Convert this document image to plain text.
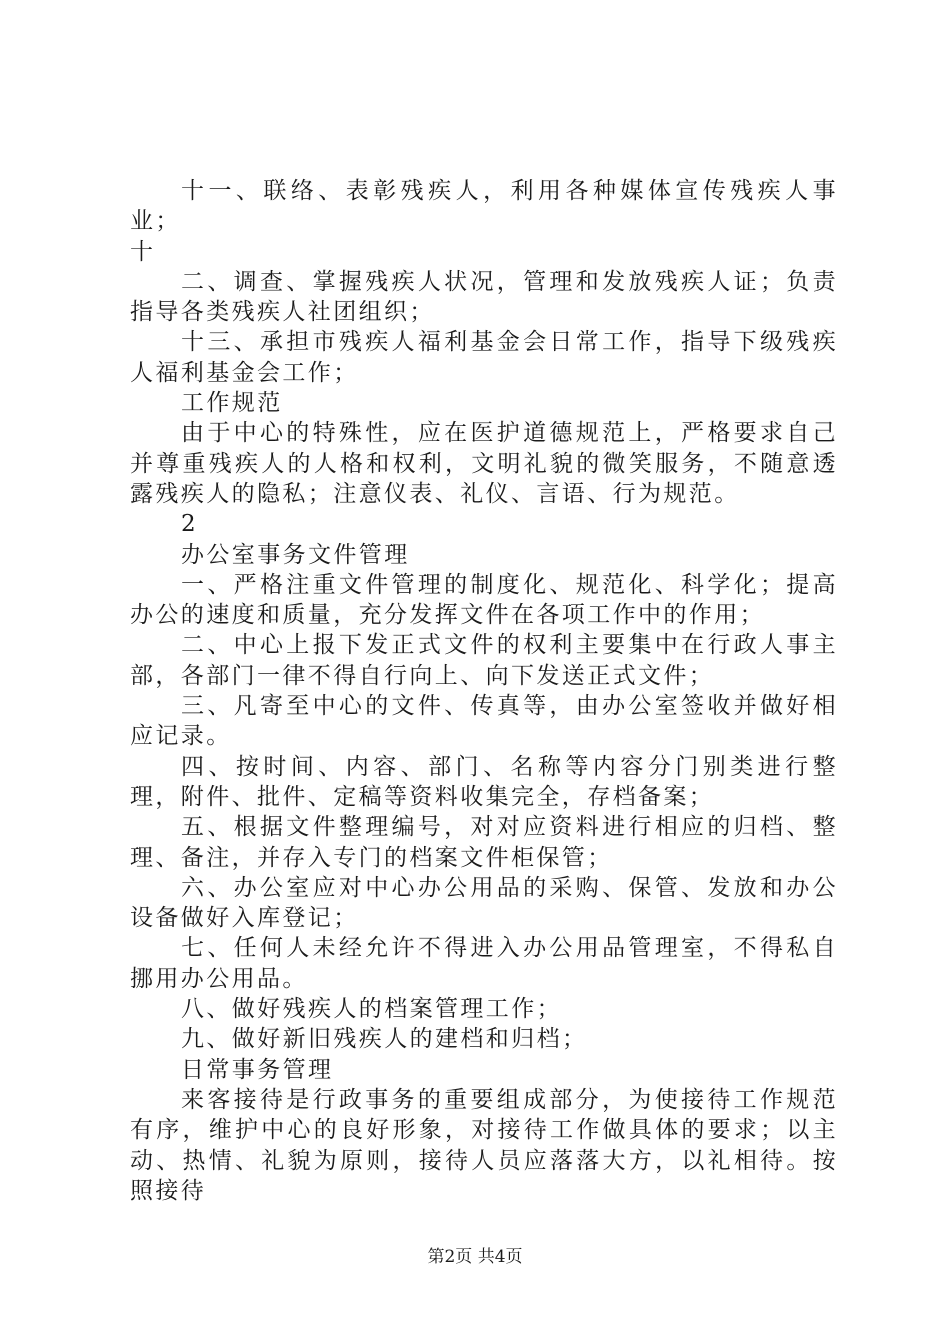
十一、联络、表彰残疾人，利用各种媒体宣传残疾人事业；

十

二、调查、掌握残疾人状况，管理和发放残疾人证；负责指导各类残疾人社团组织；

十三、承担市残疾人福利基金会日常工作，指导下级残疾人福利基金会工作；

工作规范

由于中心的特殊性，应在医护道德规范上，严格要求自己并尊重残疾人的人格和权利，文明礼貌的微笑服务，不随意透露残疾人的隐私；注意仪表、礼仪、言语、行为规范。

2

办公室事务文件管理

一、严格注重文件管理的制度化、规范化、科学化；提高办公的速度和质量，充分发挥文件在各项工作中的作用；

二、中心上报下发正式文件的权利主要集中在行政人事主部，各部门一律不得自行向上、向下发送正式文件；

三、凡寄至中心的文件、传真等，由办公室签收并做好相应记录。

四、按时间、内容、部门、名称等内容分门别类进行整理，附件、批件、定稿等资料收集完全，存档备案；

五、根据文件整理编号，对对应资料进行相应的归档、整理、备注，并存入专门的档案文件柜保管；

六、办公室应对中心办公用品的采购、保管、发放和办公设备做好入库登记；

七、任何人未经允许不得进入办公用品管理室，不得私自挪用办公用品。

八、做好残疾人的档案管理工作；

九、做好新旧残疾人的建档和归档；

日常事务管理

来客接待是行政事务的重要组成部分，为使接待工作规范有序，维护中心的良好形象，对接待工作做具体的要求；以主动、热情、礼貌为原则，接待人员应落落大方，以礼相待。按照接待

第2页 共4页
